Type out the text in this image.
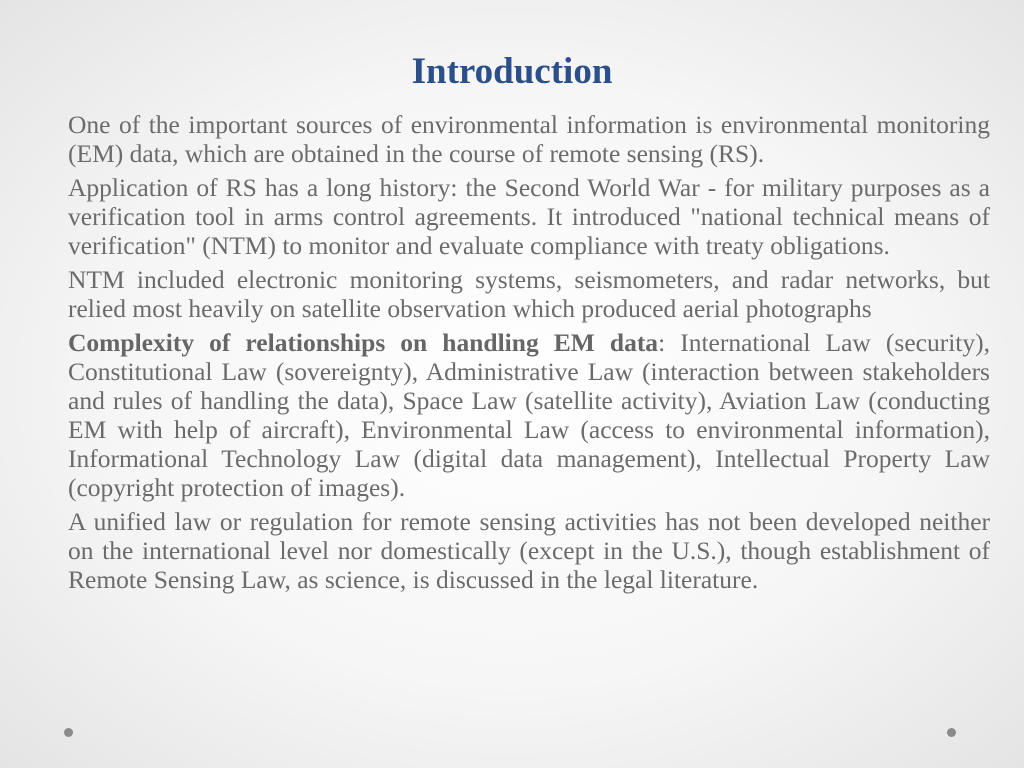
Introduction

One of the important sources of environmental information is environmental monitoring (EM) data, which are obtained in the course of remote sensing (RS).

Application of RS has a long history: the Second World War - for military purposes as a verification tool in arms control agreements. It introduced "national technical means of verification" (NTM) to monitor and evaluate compliance with treaty obligations.

NTM included electronic monitoring systems, seismometers, and radar networks, but relied most heavily on satellite observation which produced aerial photographs

Complexity of relationships on handling EM data: International Law (security), Constitutional Law (sovereignty), Administrative Law (interaction between stakeholders and rules of handling the data), Space Law (satellite activity), Aviation Law (conducting EM with help of aircraft), Environmental Law (access to environmental information), Informational Technology Law (digital data management), Intellectual Property Law (copyright protection of images).

A unified law or regulation for remote sensing activities has not been developed neither on the international level nor domestically (except in the U.S.), though establishment of Remote Sensing Law, as science, is discussed in the legal literature.
